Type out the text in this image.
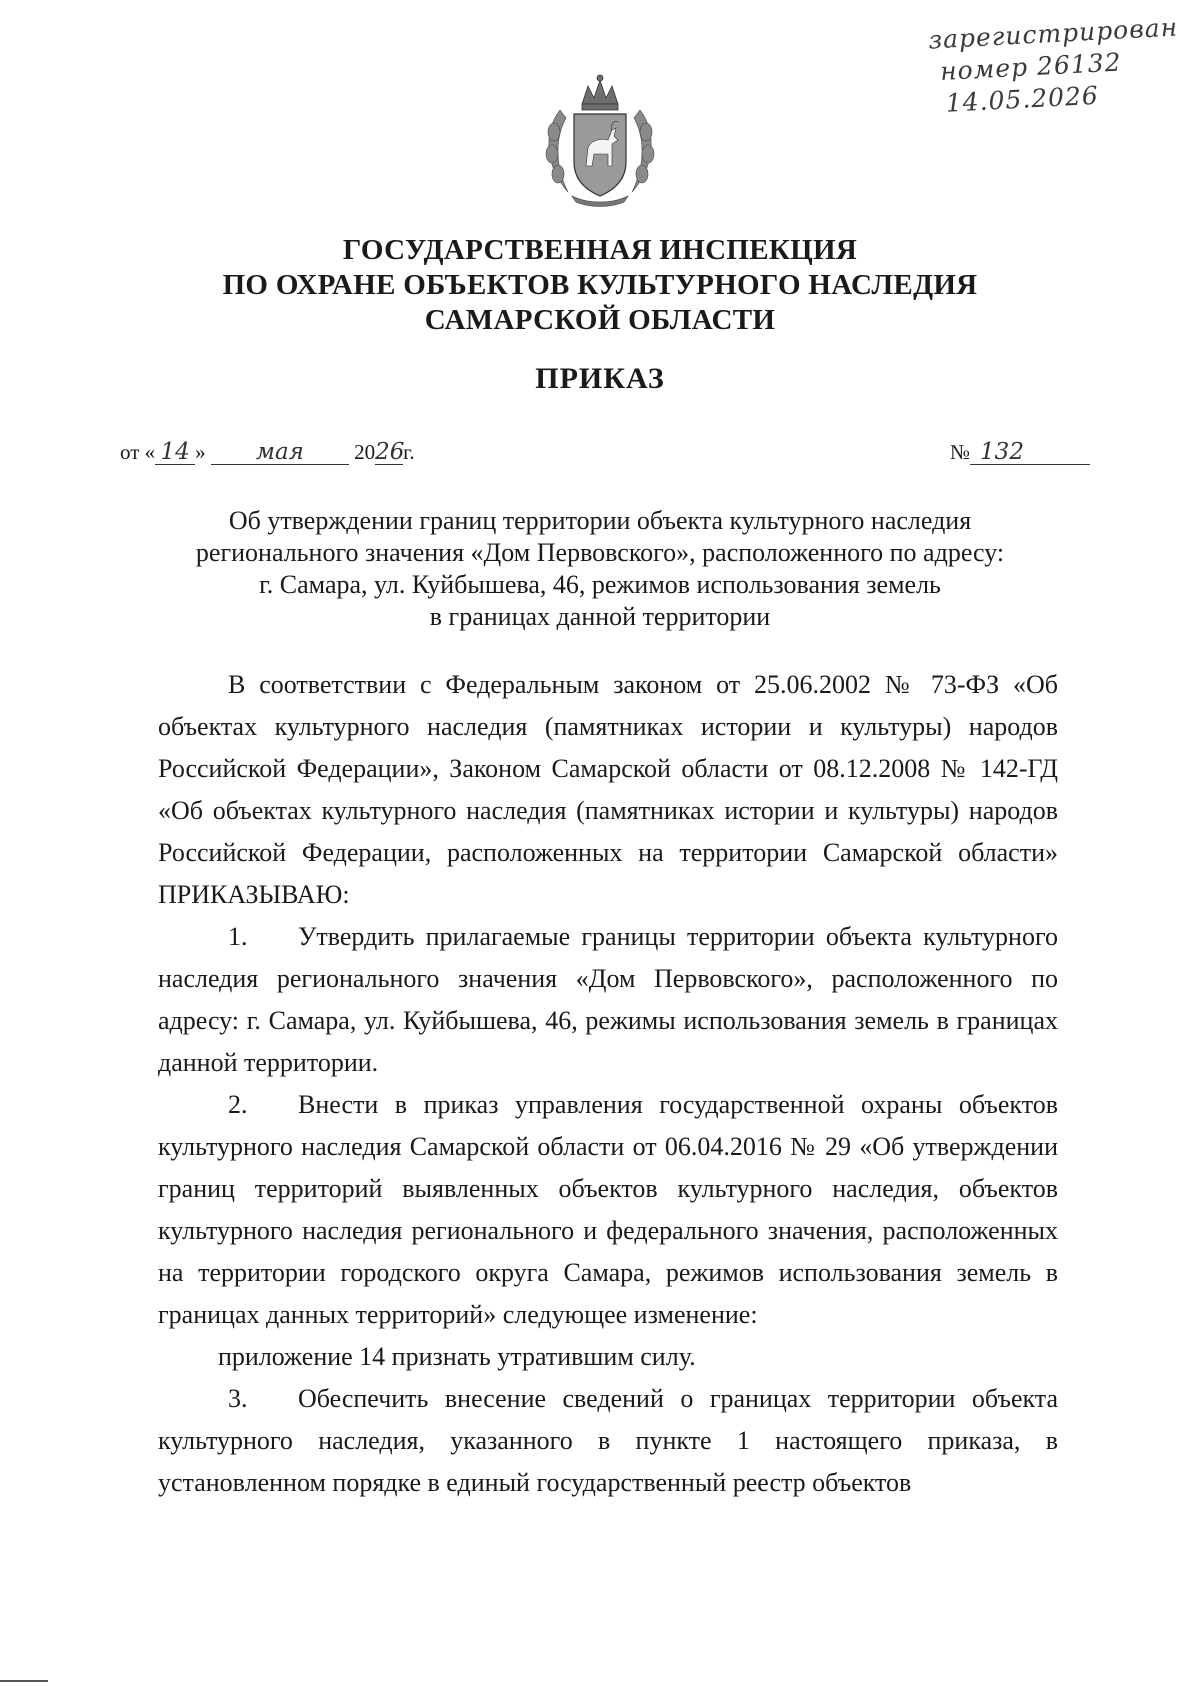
зарегистрирован
номер 26132
14.05.2026
ГОСУДАРСТВЕННАЯ ИНСПЕКЦИЯ
ПО ОХРАНЕ ОБЪЕКТОВ КУЛЬТУРНОГО НАСЛЕДИЯ
САМАРСКОЙ ОБЛАСТИ
ПРИКАЗ
от « 14 » мая 2026г.	№ 132
Об утверждении границ территории объекта культурного наследия
регионального значения «Дом Первовского», расположенного по адресу:
г. Самара, ул. Куйбышева, 46, режимов использования земель
в границах данной территории

В соответствии с Федеральным законом от 25.06.2002 № 73-ФЗ «Об объектах культурного наследия (памятниках истории и культуры) народов Российской Федерации», Законом Самарской области от 08.12.2008 № 142-ГД «Об объектах культурного наследия (памятниках истории и культуры) народов Российской Федерации, расположенных на территории Самарской области» ПРИКАЗЫВАЮ:

1. Утвердить прилагаемые границы территории объекта культурного наследия регионального значения «Дом Первовского», расположенного по адресу: г. Самара, ул. Куйбышева, 46, режимы использования земель в границах данной территории.

2. Внести в приказ управления государственной охраны объектов культурного наследия Самарской области от 06.04.2016 № 29 «Об утверждении границ территорий выявленных объектов культурного наследия, объектов культурного наследия регионального и федерального значения, расположенных на территории городского округа Самара, режимов использования земель в границах данных территорий» следующее изменение:

приложение 14 признать утратившим силу.

3. Обеспечить внесение сведений о границах территории объекта культурного наследия, указанного в пункте 1 настоящего приказа, в установленном порядке в единый государственный реестр объектов
